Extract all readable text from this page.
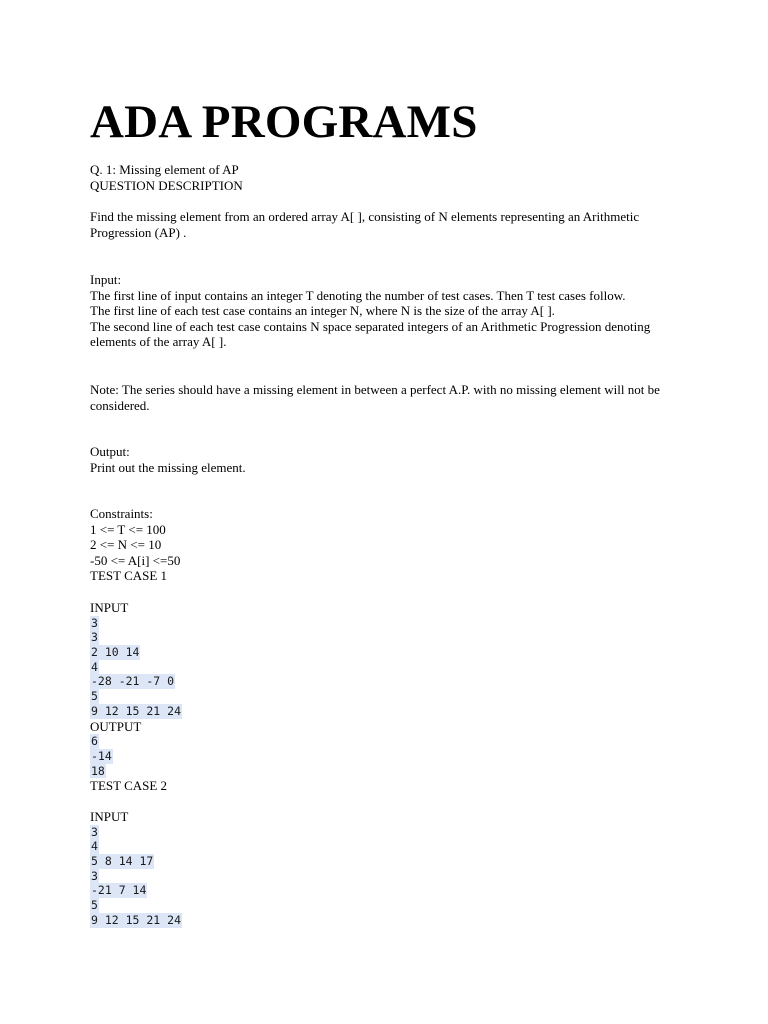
ADA PROGRAMS
Q. 1: Missing element of AP
QUESTION DESCRIPTION
Find the missing element from an ordered array A[ ], consisting of N elements representing an Arithmetic Progression (AP) .
Input:
The first line of input contains an integer T denoting the number of test cases. Then T test cases follow.
The first line of each test case contains an integer N, where N is the size of the array A[ ].
The second line of each test case contains N space separated integers of an Arithmetic Progression denoting elements of the array A[ ].
Note: The series should have a missing element in between a perfect A.P. with no missing element will not be considered.
Output:
Print out the missing element.
Constraints:
1 <= T <= 100
2 <= N <= 10
-50 <= A[i] <=50
TEST CASE 1
INPUT
3
3
2 10 14
4
-28 -21 -7 0
5
9 12 15 21 24
OUTPUT
6
-14
18
TEST CASE 2
INPUT
3
4
5 8 14 17
3
-21 7 14
5
9 12 15 21 24
